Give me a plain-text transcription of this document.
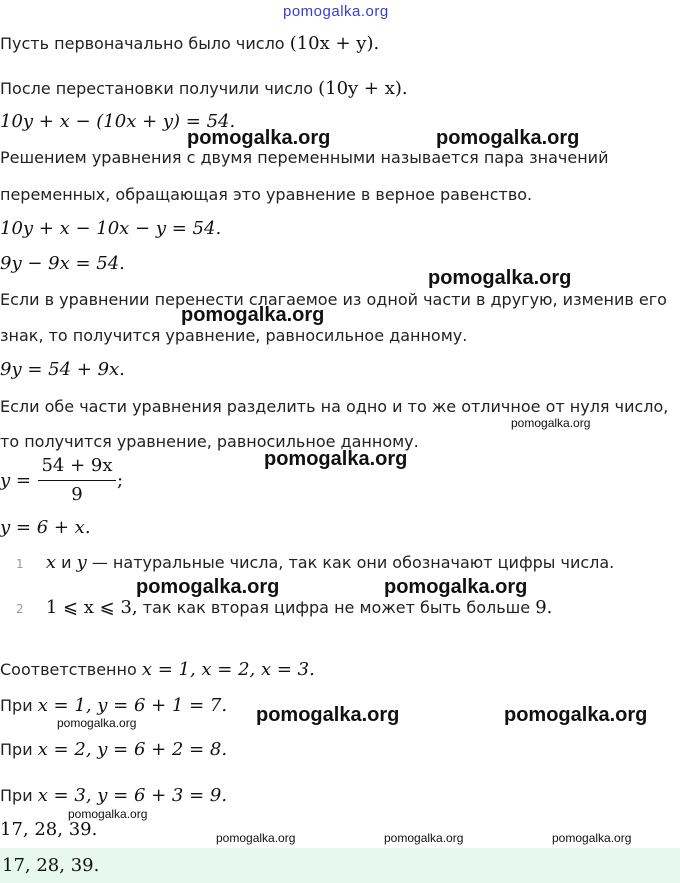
pomogalka.org
Пусть первоначально было число (10x + y).
После перестановки получили число (10y + x).
10y + x − (10x + y) = 54.
Решением уравнения с двумя переменными называется пара значений
переменных, обращающая это уравнение в верное равенство.
10y + x − 10x − y = 54.
9y − 9x = 54.
Если в уравнении перенести слагаемое из одной части в другую, изменив его
знак, то получится уравнение, равносильное данному.
9y = 54 + 9x.
Если обе части уравнения разделить на одно и то же отличное от нуля число,
то получится уравнение, равносильное данному.
y =
54 + 9x
9
;
y = 6 + x.
1 x и y — натуральные числа, так как они обозначают цифры числа.
2 1 ⩽ x ⩽ 3, так как вторая цифра не может быть больше 9.
Соответственно x = 1, x = 2, x = 3.
При x = 1, y = 6 + 1 = 7.
При x = 2, y = 6 + 2 = 8.
При x = 3, y = 6 + 3 = 9.
17, 28, 39.
17, 28, 39.
pomogalka.org	pomogalka.org
pomogalka.org
pomogalka.org
pomogalka.org
pomogalka.org	pomogalka.org
pomogalka.org	pomogalka.org
pomogalka.org
pomogalka.org
pomogalka.org
pomogalka.org	pomogalka.org	pomogalka.org
